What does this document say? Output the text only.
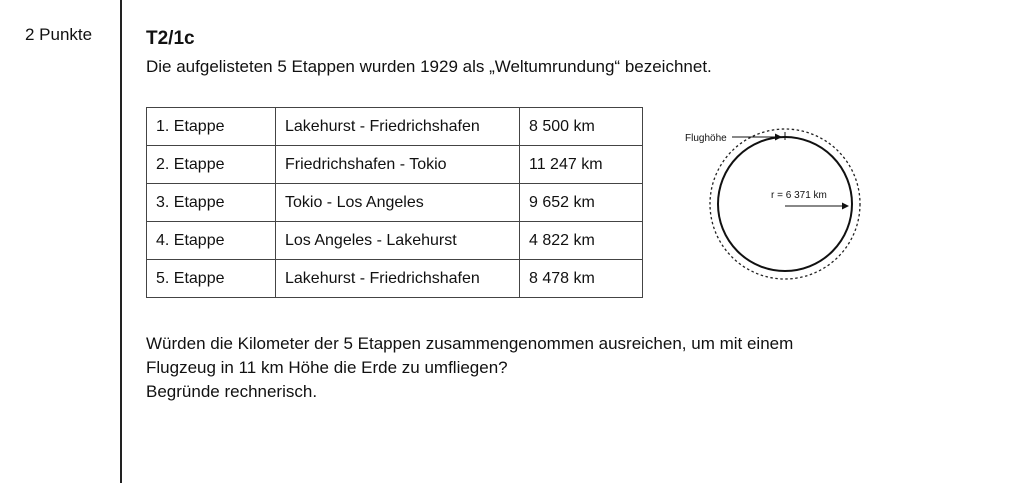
2 Punkte	T2/1c
Die aufgelisteten 5 Etappen wurden 1929 als „Weltumrundung“ bezeichnet.
1. Etappe	Lakehurst - Friedrichshafen	8 500 km
2. Etappe	Friedrichshafen - Tokio	11 247 km
3. Etappe	Tokio - Los Angeles	9 652 km
4. Etappe	Los Angeles - Lakehurst	4 822 km
5. Etappe	Lakehurst - Friedrichshafen	8 478 km
Flughöhe
r = 6 371 km
Würden die Kilometer der 5 Etappen zusammengenommen ausreichen, um mit einem
Flugzeug in 11 km Höhe die Erde zu umfliegen?
Begründe rechnerisch.
